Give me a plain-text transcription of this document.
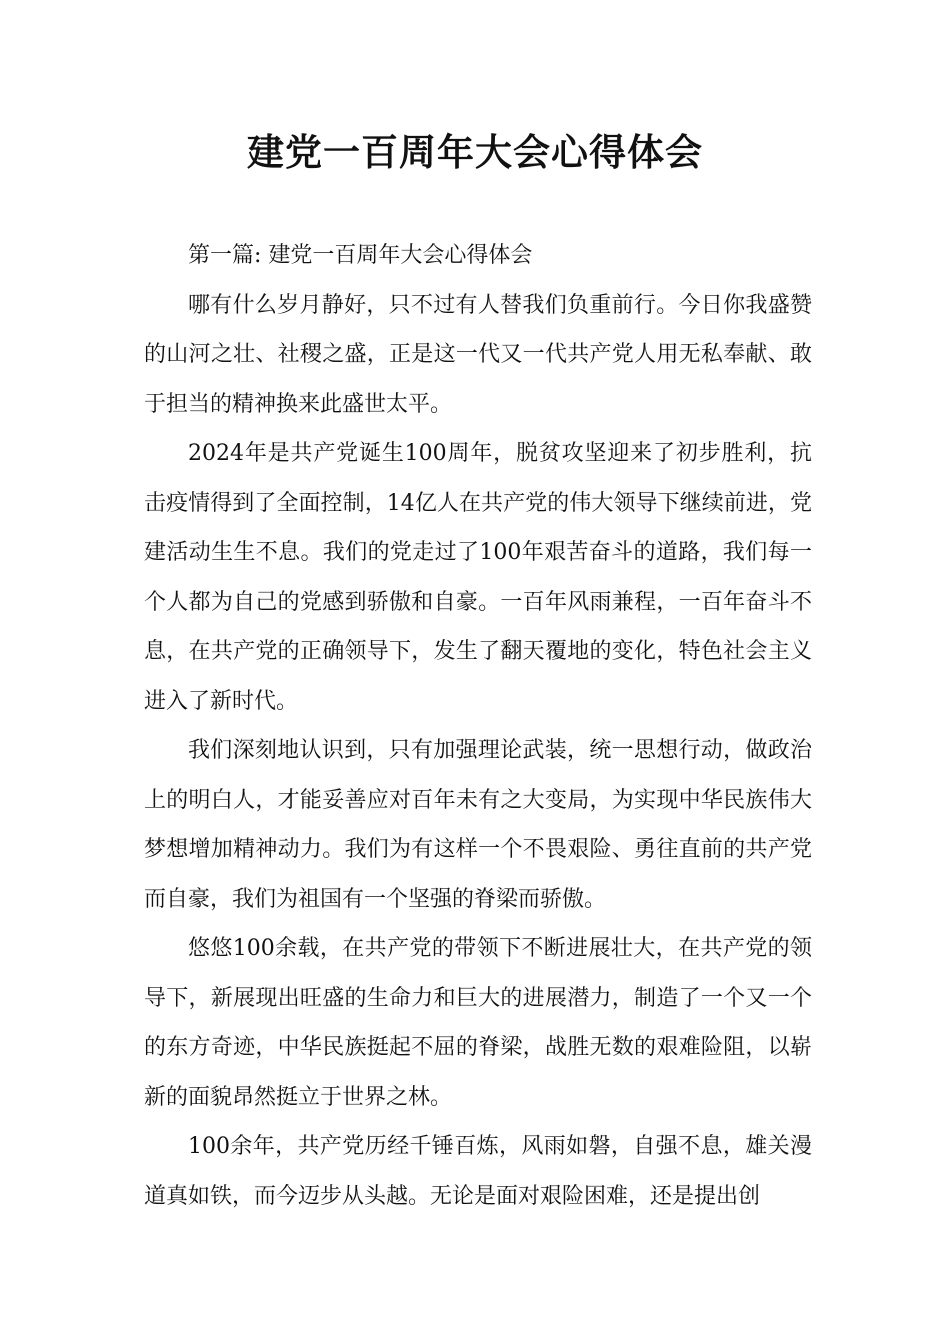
建党一百周年大会心得体会

第一篇: 建党一百周年大会心得体会

哪有什么岁月静好，只不过有人替我们负重前行。今日你我盛赞的山河之壮、社稷之盛，正是这一代又一代共产党人用无私奉献、敢于担当的精神换来此盛世太平。

2024年是共产党诞生100周年，脱贫攻坚迎来了初步胜利，抗击疫情得到了全面控制，14亿人在共产党的伟大领导下继续前进，党建活动生生不息。我们的党走过了100年艰苦奋斗的道路，我们每一个人都为自己的党感到骄傲和自豪。一百年风雨兼程，一百年奋斗不息，在共产党的正确领导下，发生了翻天覆地的变化，特色社会主义进入了新时代。

我们深刻地认识到，只有加强理论武装，统一思想行动，做政治上的明白人，才能妥善应对百年未有之大变局，为实现中华民族伟大梦想增加精神动力。我们为有这样一个不畏艰险、勇往直前的共产党而自豪，我们为祖国有一个坚强的脊梁而骄傲。

悠悠100余载，在共产党的带领下不断进展壮大，在共产党的领导下，新展现出旺盛的生命力和巨大的进展潜力，制造了一个又一个的东方奇迹，中华民族挺起不屈的脊梁，战胜无数的艰难险阻，以崭新的面貌昂然挺立于世界之林。

100余年，共产党历经千锤百炼，风雨如磐，自强不息，雄关漫道真如铁，而今迈步从头越。无论是面对艰险困难，还是提出创
